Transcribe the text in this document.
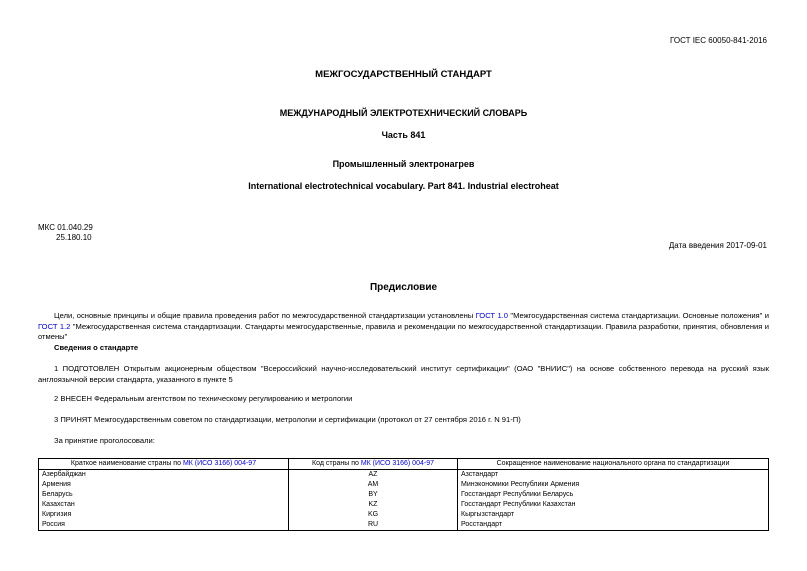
ГОСТ IEC 60050-841-2016
МЕЖГОСУДАРСТВЕННЫЙ СТАНДАРТ
МЕЖДУНАРОДНЫЙ ЭЛЕКТРОТЕХНИЧЕСКИЙ СЛОВАРЬ
Часть 841
Промышленный электронагрев
International electrotechnical vocabulary. Part 841. Industrial electroheat
МКС 01.040.29
25.180.10
Дата введения 2017-09-01
Предисловие
Цели, основные принципы и общие правила проведения работ по межгосударственной стандартизации установлены ГОСТ 1.0 "Межгосударственная система стандартизации. Основные положения" и ГОСТ 1.2 "Межгосударственная система стандартизации. Стандарты межгосударственные, правила и рекомендации по межгосударственной стандартизации. Правила разработки, принятия, обновления и отмены"
Сведения о стандарте
1 ПОДГОТОВЛЕН Открытым акционерным обществом "Всероссийский научно-исследовательский институт сертификации" (ОАО "ВНИИС") на основе собственного перевода на русский язык англоязычной версии стандарта, указанного в пункте 5
2 ВНЕСЕН Федеральным агентством по техническому регулированию и метрологии
3 ПРИНЯТ Межгосударственным советом по стандартизации, метрологии и сертификации (протокол от 27 сентября 2016 г. N 91-П)
За принятие проголосовали:
Краткое наименование страны по МК (ИСО 3166) 004-97	Код страны по МК (ИСО 3166) 004-97	Сокращенное наименование национального органа по стандартизации
Азербайджан	AZ	Азстандарт
Армения	AM	Минэкономики Республики Армения
Беларусь	BY	Госстандарт Республики Беларусь
Казахстан	KZ	Госстандарт Республики Казахстан
Киргизия	KG	Кыргызстандарт
Россия	RU	Росстандарт
